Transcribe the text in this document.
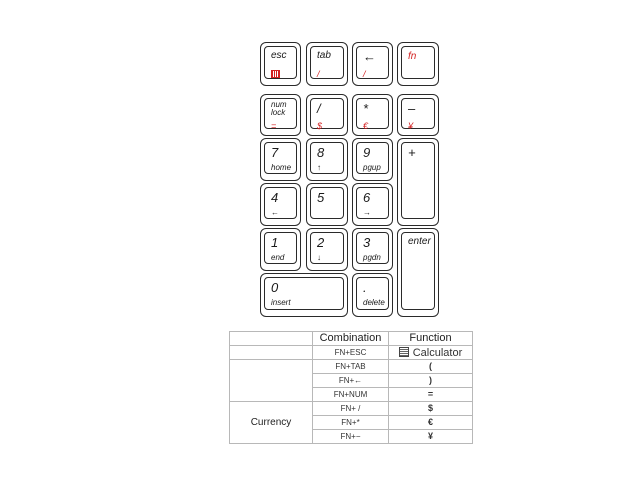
esc	tab
/
←
/
fn
num
lock
=
/
$
*
€
–
¥
7
home
8
↑
9
pgup
+
4
←
5	6
→
1
end
2
↓
3
pgdn
enter
0
insert
.
delete
	Combination	Function
	FN+ESC	Calculator
	FN+TAB	(
	FN+←	)
	FN+NUM	=
Currency	FN+ /	$
	FN+*	€
	FN+−	¥
